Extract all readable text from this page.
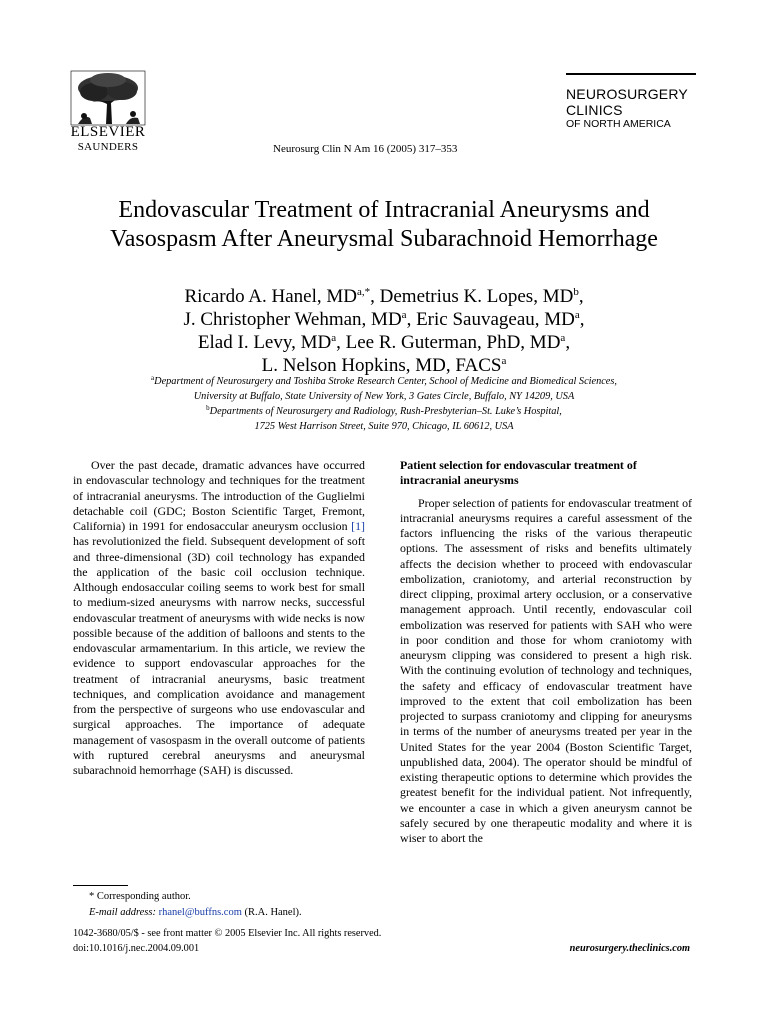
ELSEVIER
SAUNDERS	Neurosurg Clin N Am 16 (2005) 317–353
NEUROSURGERY
CLINICS
OF NORTH AMERICA
Endovascular Treatment of Intracranial Aneurysms and Vasospasm After Aneurysmal Subarachnoid Hemorrhage
Ricardo A. Hanel, $MD^{a,*}$, Demetrius K. Lopes, $MD^b$,
J. Christopher Wehman, $MD^a$, Eric Sauvageau, $MD^a$,
Elad I. Levy, $MD^a$, Lee R. Guterman, PhD, $MD^a$,
L. Nelson Hopkins, MD, FACS$^a$
$^a$Department of Neurosurgery and Toshiba Stroke Research Center, School of Medicine and Biomedical Sciences,
University at Buffalo, State University of New York, 3 Gates Circle, Buffalo, NY 14209, USA
$^b$Departments of Neurosurgery and Radiology, Rush-Presbyterian–St. Luke’s Hospital,
1725 West Harrison Street, Suite 970, Chicago, IL 60612, USA

Over the past decade, dramatic advances have occurred in endovascular technology and techniques for the treatment of intracranial aneurysms. The introduction of the Guglielmi detachable coil (GDC; Boston Scientific Target, Fremont, California) in 1991 for endosaccular aneurysm occlusion [1] has revolutionized the field. Subsequent development of soft and three-dimensional (3D) coil technology has expanded the application of the basic coil occlusion technique. Although endosaccular coiling seems to work best for small to medium-sized aneurysms with narrow necks, successful endovascular treatment of aneurysms with wide necks is now possible because of the addition of balloons and stents to the endovascular armamentarium. In this article, we review the evidence to support endovascular approaches for the treatment of intracranial aneurysms, basic treatment techniques, and complication avoidance and management from the perspective of surgeons who use endovascular and surgical approaches. The importance of adequate management of vasospasm in the overall outcome of patients with ruptured cerebral aneurysms and aneurysmal subarachnoid hemorrhage (SAH) is discussed.

Patient selection for endovascular treatment of intracranial aneurysms

Proper selection of patients for endovascular treatment of intracranial aneurysms requires a careful assessment of the factors influencing the risks of the various therapeutic options. The assessment of risks and benefits ultimately affects the decision whether to proceed with endovascular embolization, craniotomy, and arterial reconstruction by direct clipping, proximal artery occlusion, or a conservative management approach. Until recently, endovascular coil embolization was reserved for patients with SAH who were in poor condition and those for whom craniotomy with aneurysm clipping was considered to present a high risk. With the continuing evolution of technology and techniques, the safety and efficacy of endovascular treatment have improved to the extent that coil embolization has been projected to surpass craniotomy and clipping for aneurysms in terms of the number of aneurysms treated per year in the United States for the year 2004 (Boston Scientific Target, unpublished data, 2004). The operator should be mindful of existing therapeutic options to determine which provides the greatest benefit for the individual patient. Not infrequently, we encounter a case in which a given aneurysm cannot be safely secured by one therapeutic modality and where it is wiser to abort the

* Corresponding author.
E-mail address: rhanel@buffns.com (R.A. Hanel).
1042-3680/05/$ - see front matter © 2005 Elsevier Inc. All rights reserved.
doi:10.1016/j.nec.2004.09.001	neurosurgery.theclinics.com
